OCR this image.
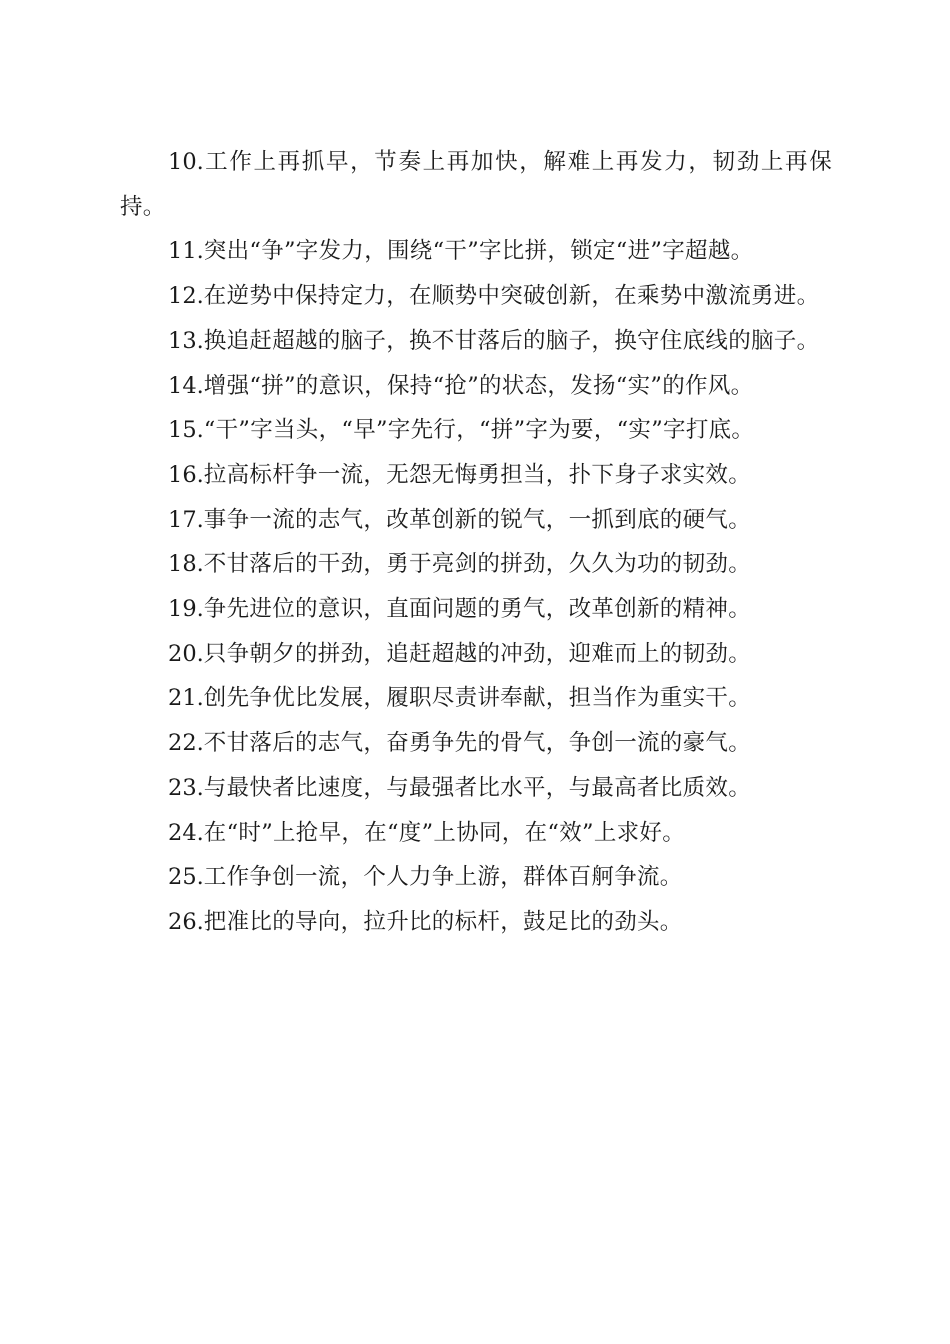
10.工作上再抓早，节奏上再加快，解难上再发力，韧劲上再保持。

11.突出“争”字发力，围绕“干”字比拼，锁定“进”字超越。

12.在逆势中保持定力，在顺势中突破创新，在乘势中激流勇进。

13.换追赶超越的脑子，换不甘落后的脑子，换守住底线的脑子。

14.增强“拼”的意识，保持“抢”的状态，发扬“实”的作风。

15.“干”字当头，“早”字先行，“拼”字为要，“实”字打底。

16.拉高标杆争一流，无怨无悔勇担当，扑下身子求实效。

17.事争一流的志气，改革创新的锐气，一抓到底的硬气。

18.不甘落后的干劲，勇于亮剑的拼劲，久久为功的韧劲。

19.争先进位的意识，直面问题的勇气，改革创新的精神。

20.只争朝夕的拼劲，追赶超越的冲劲，迎难而上的韧劲。

21.创先争优比发展，履职尽责讲奉献，担当作为重实干。

22.不甘落后的志气，奋勇争先的骨气，争创一流的豪气。

23.与最快者比速度，与最强者比水平，与最高者比质效。

24.在“时”上抢早，在“度”上协同，在“效”上求好。

25.工作争创一流，个人力争上游，群体百舸争流。

26.把准比的导向，拉升比的标杆，鼓足比的劲头。
